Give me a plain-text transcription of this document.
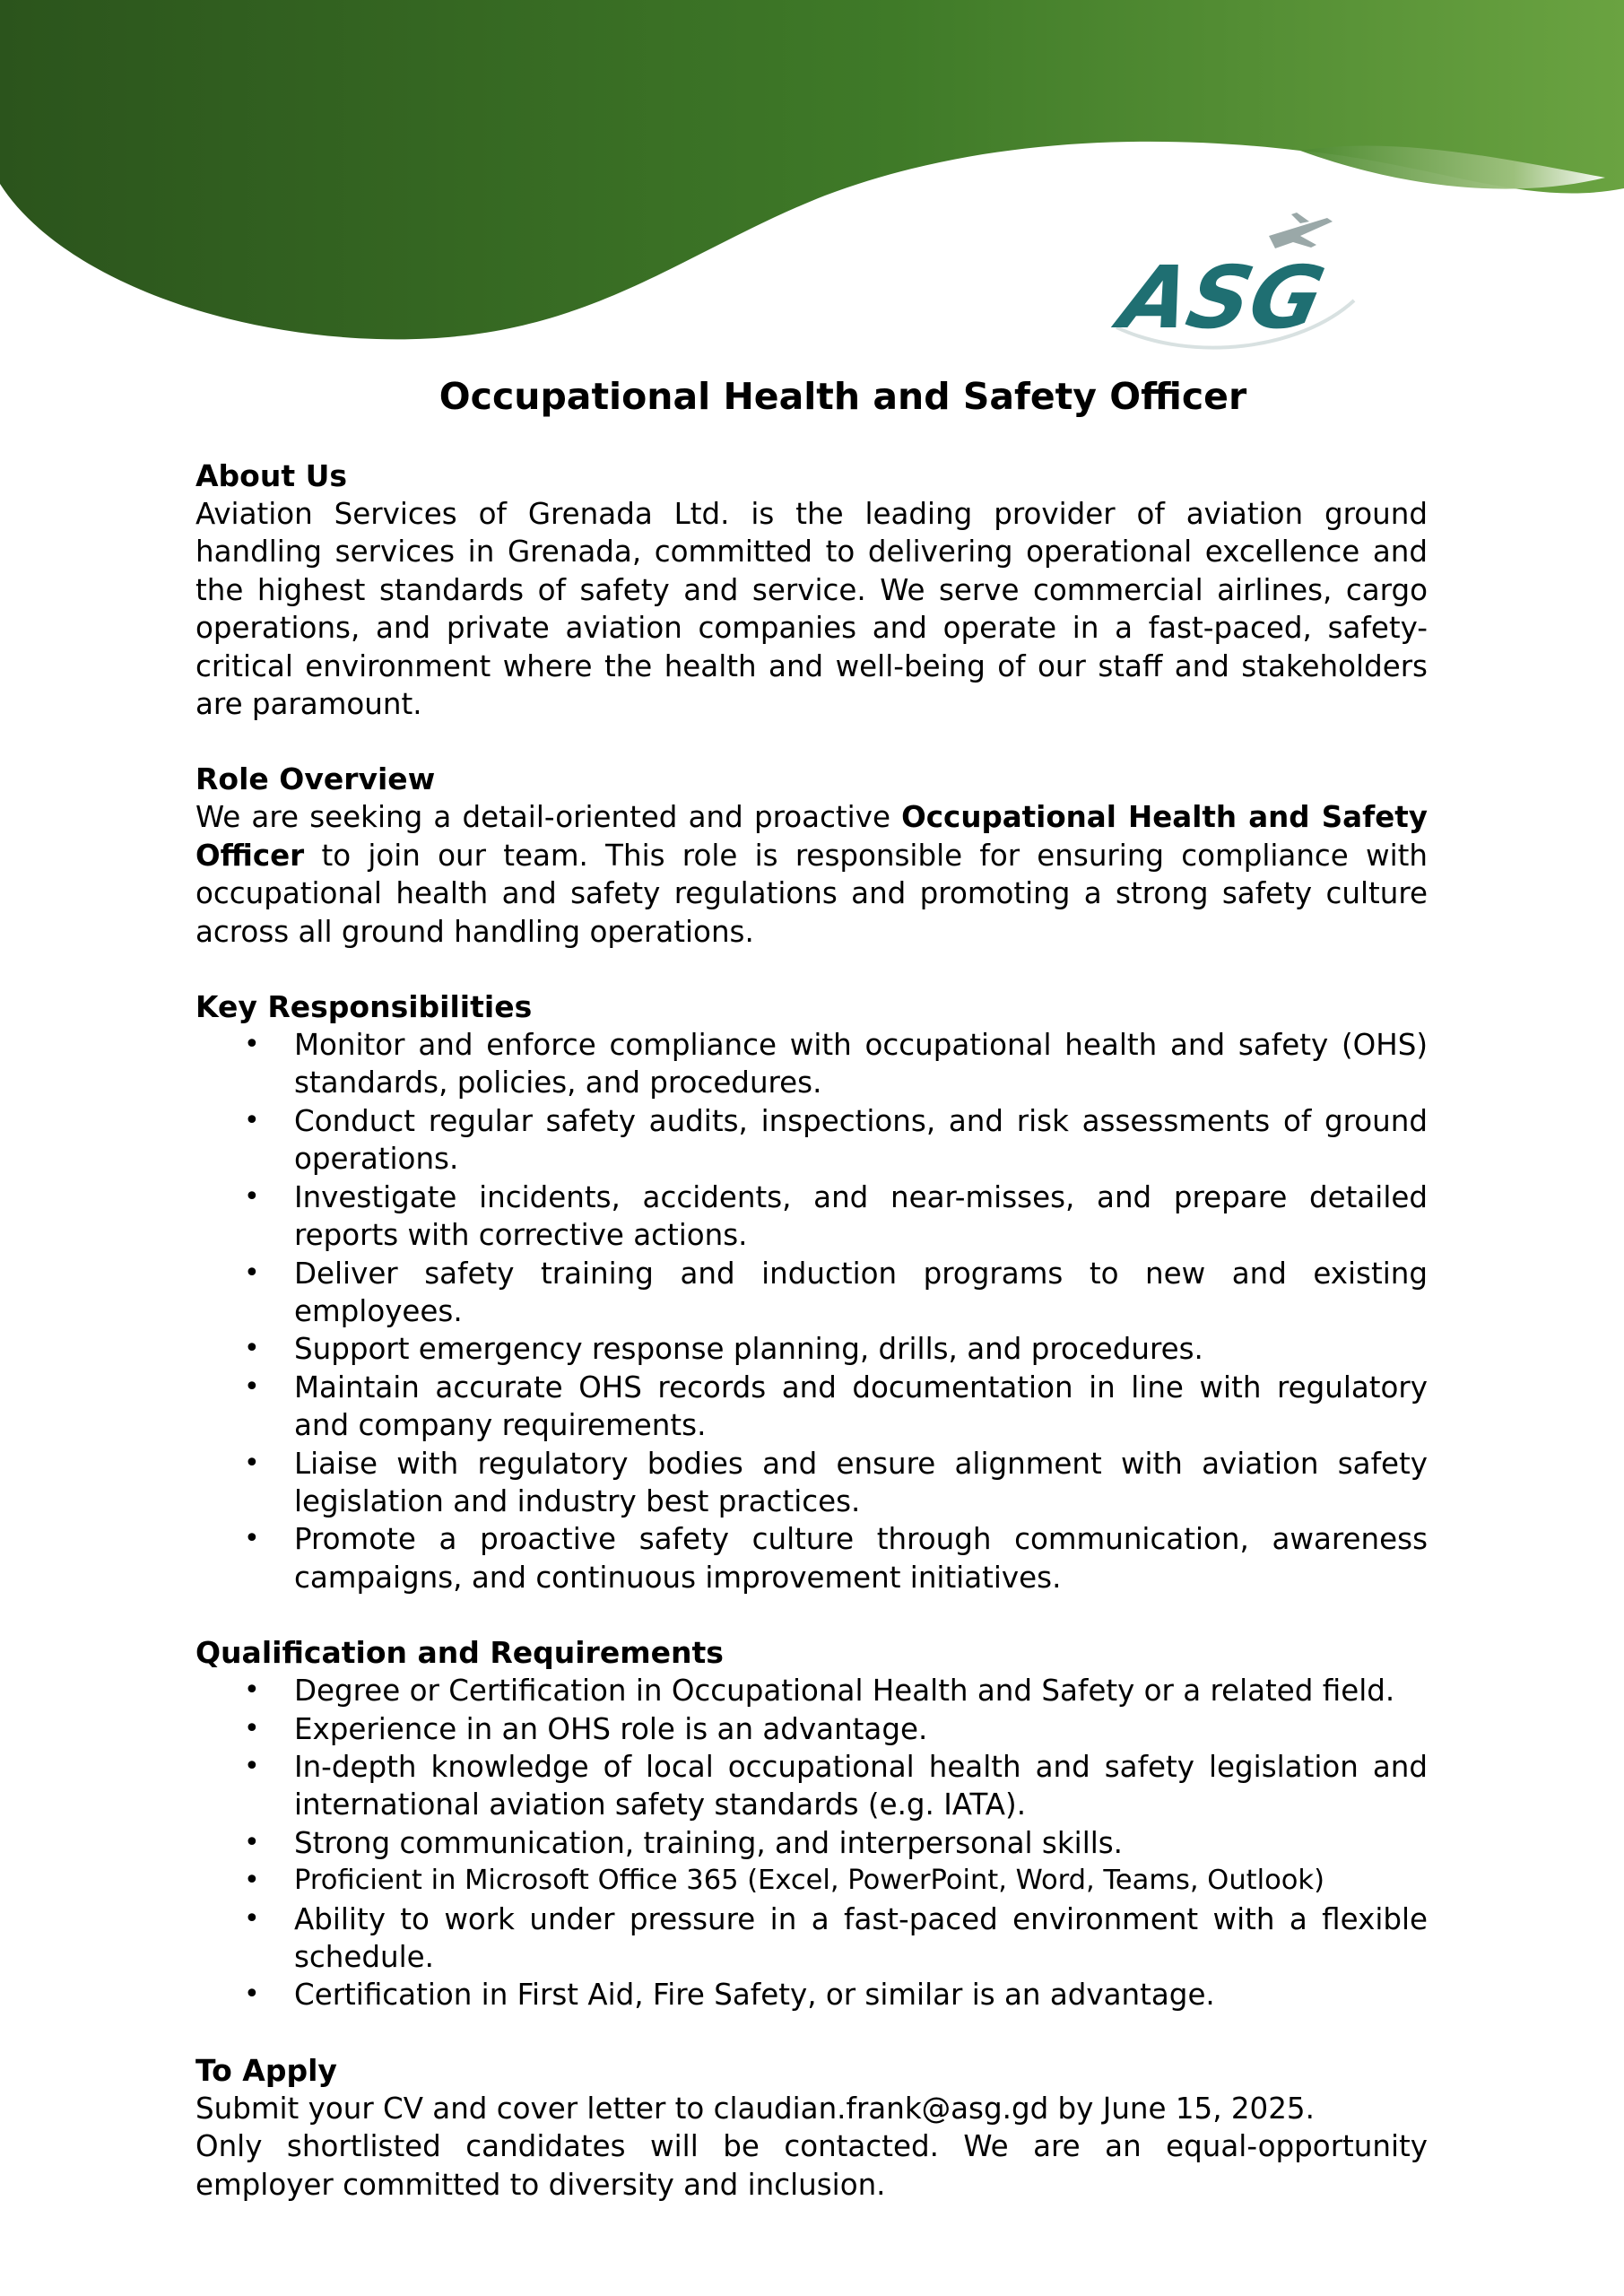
ASG
Occupational Health and Safety Officer
About Us

Aviation Services of Grenada Ltd. is the leading provider of aviation ground handling services in Grenada, committed to delivering operational excellence and the highest standards of safety and service. We serve commercial airlines, cargo operations, and private aviation companies and operate in a fast-paced, safety-critical environment where the health and well-being of our staff and stakeholders are paramount.

Role Overview

We are seeking a detail-oriented and proactive Occupational Health and Safety Officer to join our team. This role is responsible for ensuring compliance with occupational health and safety regulations and promoting a strong safety culture across all ground handling operations.

Key Responsibilities
• Monitor and enforce compliance with occupational health and safety (OHS) standards, policies, and procedures.
• Conduct regular safety audits, inspections, and risk assessments of ground operations.
• Investigate incidents, accidents, and near-misses, and prepare detailed reports with corrective actions.
• Deliver safety training and induction programs to new and existing employees.
• Support emergency response planning, drills, and procedures.
• Maintain accurate OHS records and documentation in line with regulatory and company requirements.
• Liaise with regulatory bodies and ensure alignment with aviation safety legislation and industry best practices.
• Promote a proactive safety culture through communication, awareness campaigns, and continuous improvement initiatives.
Qualification and Requirements
• Degree or Certification in Occupational Health and Safety or a related field.
• Experience in an OHS role is an advantage.
• In-depth knowledge of local occupational health and safety legislation and international aviation safety standards (e.g. IATA).
• Strong communication, training, and interpersonal skills.
• Proficient in Microsoft Office 365 (Excel, PowerPoint, Word, Teams, Outlook)
• Ability to work under pressure in a fast-paced environment with a flexible schedule.
• Certification in First Aid, Fire Safety, or similar is an advantage.
To Apply

Submit your CV and cover letter to claudian.frank@asg.gd by June 15, 2025.

Only shortlisted candidates will be contacted. We are an equal-opportunity employer committed to diversity and inclusion.
